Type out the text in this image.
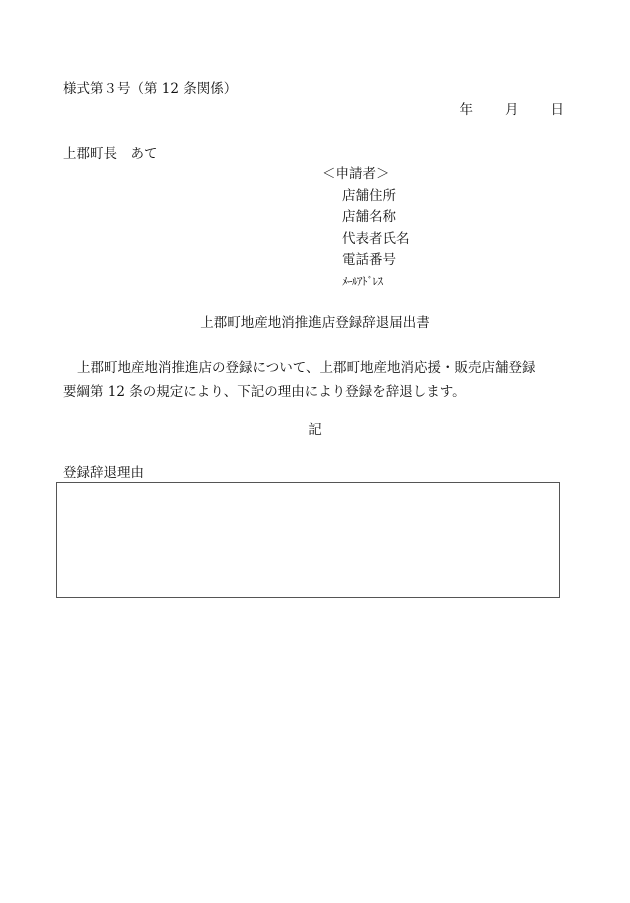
様式第３号（第 12 条関係）
年 月 日
上郡町長　あて
＜申請者＞
店舗住所
店舗名称
代表者氏名
電話番号
ﾒｰﾙｱﾄﾞﾚｽ
上郡町地産地消推進店登録辞退届出書
上郡町地産地消推進店の登録について、上郡町地産地消応援・販売店舗登録
要綱第 12 条の規定により、下記の理由により登録を辞退します。
記
登録辞退理由
